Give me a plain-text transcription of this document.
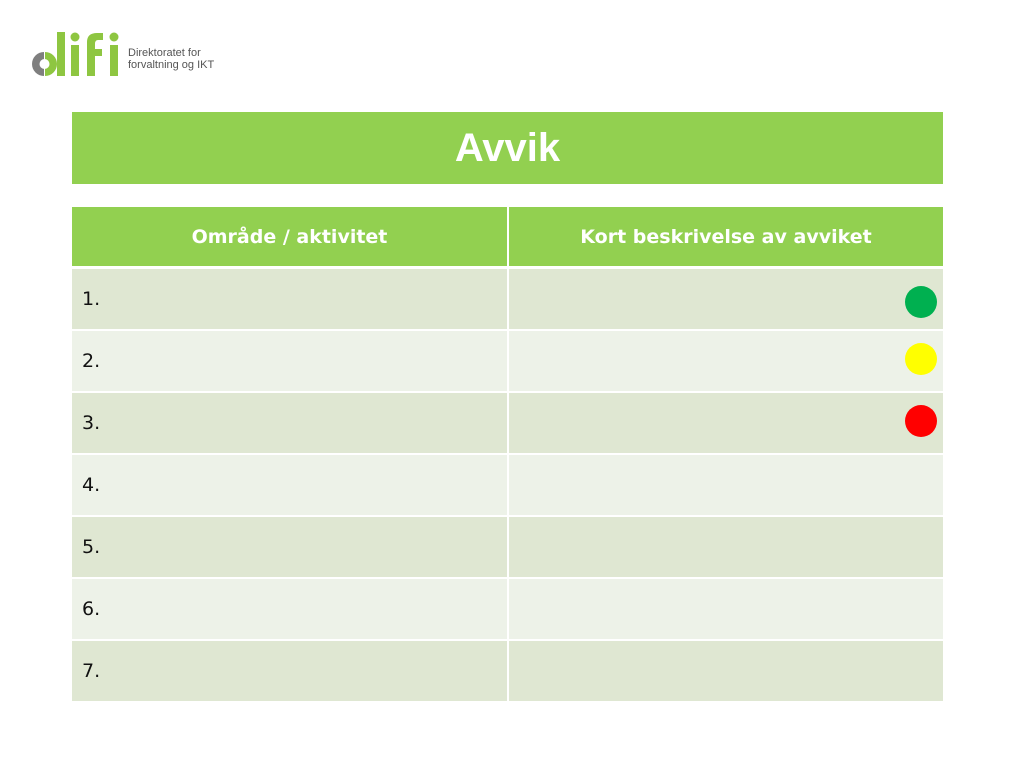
Direktoratet for
forvaltning og IKT
Avvik
Område / aktivitet	Kort beskrivelse av avviket
1.	

2.	

3.	

4.	
5.	
6.	
7.	
